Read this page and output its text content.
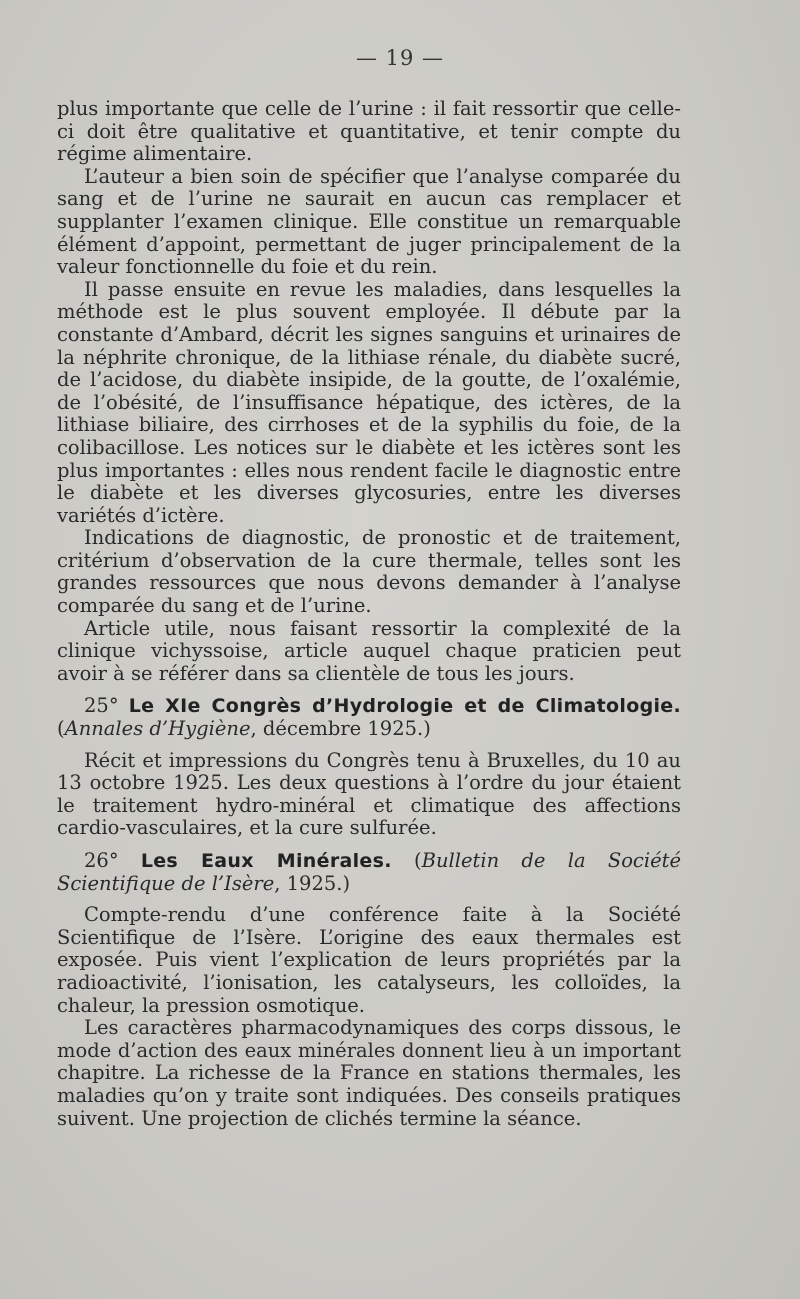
— 19 —

plus importante que celle de l’urine : il fait ressortir que celle-ci doit être qualitative et quantitative, et tenir compte du régime alimentaire.

L’auteur a bien soin de spécifier que l’analyse comparée du sang et de l’urine ne saurait en aucun cas remplacer et supplanter l’examen clinique. Elle constitue un remarquable élément d’appoint, permettant de juger principalement de la valeur fonctionnelle du foie et du rein.

Il passe ensuite en revue les maladies, dans lesquelles la méthode est le plus souvent employée. Il débute par la constante d’Ambard, décrit les signes sanguins et urinaires de la néphrite chronique, de la lithiase rénale, du diabète sucré, de l’acidose, du diabète insipide, de la goutte, de l’oxalémie, de l’obésité, de l’insuffisance hépatique, des ictères, de la lithiase biliaire, des cirrhoses et de la syphilis du foie, de la colibacillose. Les notices sur le diabète et les ictères sont les plus importantes : elles nous rendent facile le diagnostic entre le diabète et les diverses glycosuries, entre les diverses variétés d’ictère.

Indications de diagnostic, de pronostic et de traitement, critérium d’observation de la cure thermale, telles sont les grandes ressources que nous devons demander à l’analyse comparée du sang et de l’urine.

Article utile, nous faisant ressortir la complexité de la clinique vichyssoise, article auquel chaque praticien peut avoir à se référer dans sa clientèle de tous les jours.

25° Le XIe Congrès d’Hydrologie et de Climatologie. (Annales d’Hygiène, décembre 1925.)

Récit et impressions du Congrès tenu à Bruxelles, du 10 au 13 octobre 1925. Les deux questions à l’ordre du jour étaient le traitement hydro-minéral et climatique des affections cardio-vasculaires, et la cure sulfurée.

26° Les Eaux Minérales. (Bulletin de la Société Scientifique de l’Isère, 1925.)

Compte-rendu d’une conférence faite à la Société Scientifique de l’Isère. L’origine des eaux thermales est exposée. Puis vient l’explication de leurs propriétés par la radioactivité, l’ionisation, les catalyseurs, les colloïdes, la chaleur, la pression osmotique.

Les caractères pharmacodynamiques des corps dissous, le mode d’action des eaux minérales donnent lieu à un important chapitre. La richesse de la France en stations thermales, les maladies qu’on y traite sont indiquées. Des conseils pratiques suivent. Une projection de clichés termine la séance.
